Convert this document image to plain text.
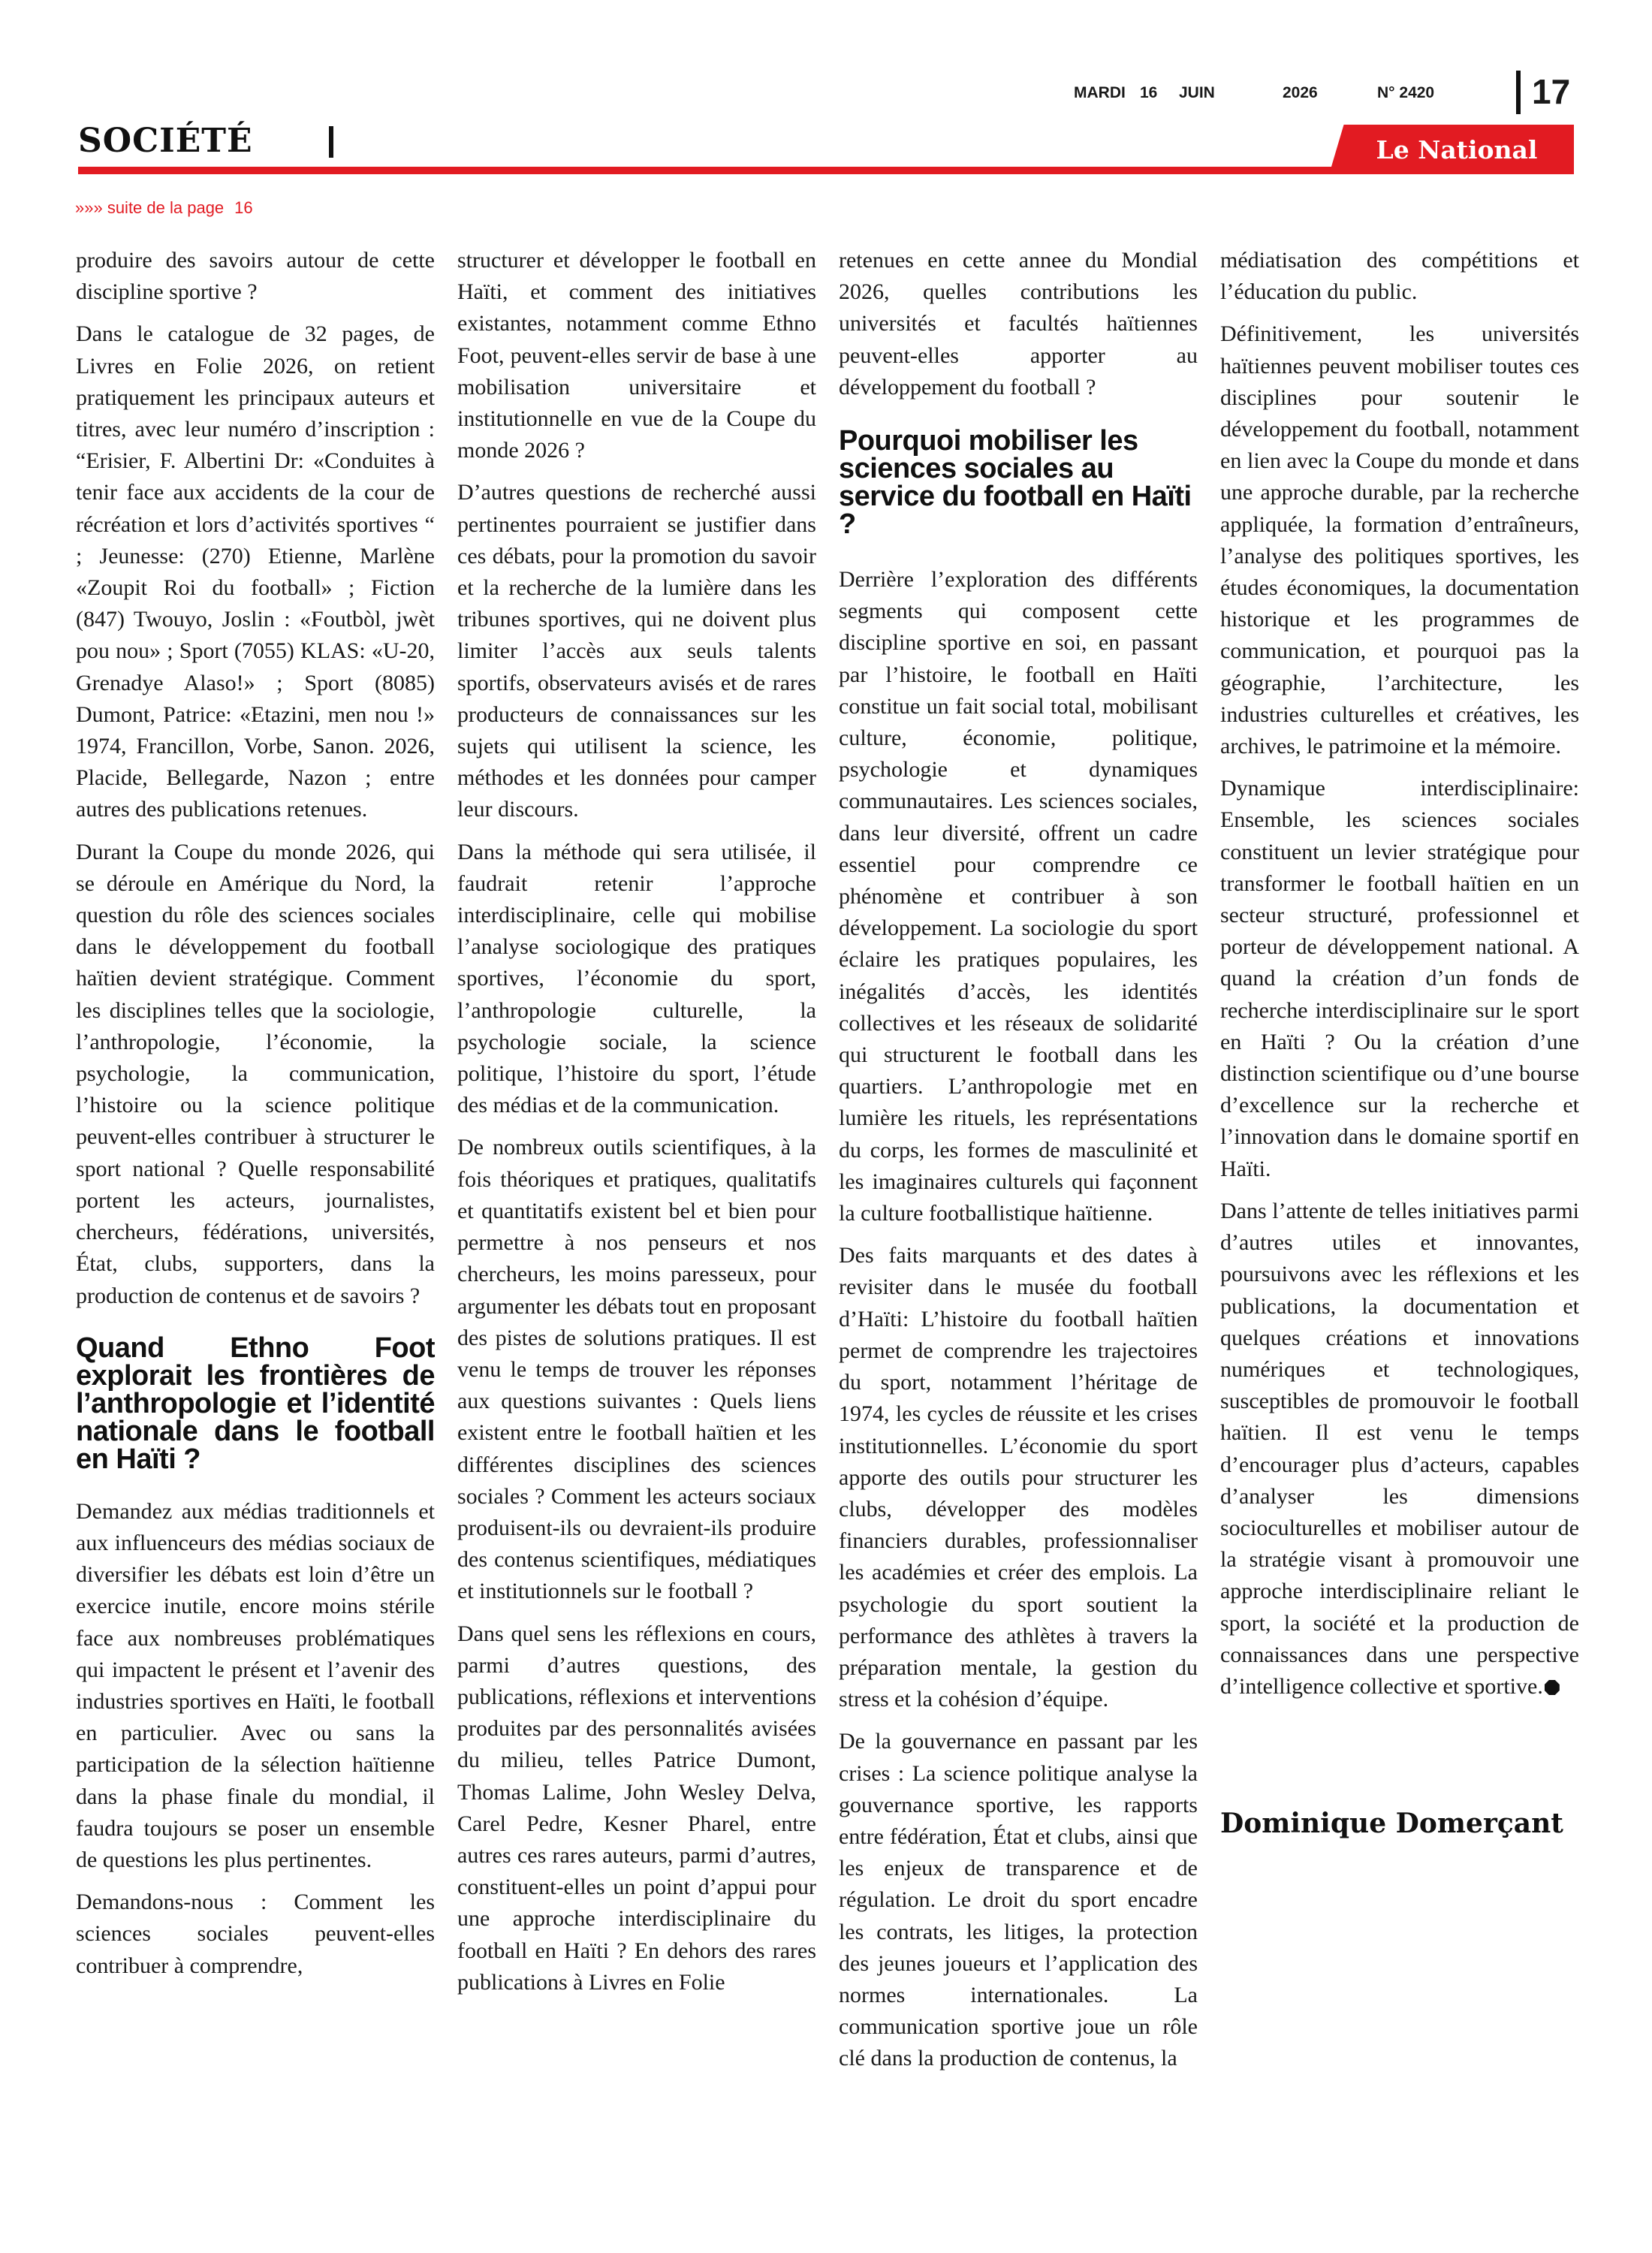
MARDI 16 JUIN	2026	N° 2420	17
SOCIÉTÉ	Le National
»»» suite de la page 16

produire des savoirs autour de cette discipline sportive ?

Dans le catalogue de 32 pages, de Livres en Folie 2026, on retient pratiquement les principaux auteurs et titres, avec leur numéro d’inscription : “Erisier, F. Albertini Dr: «Conduites à tenir face aux accidents de la cour de récréation et lors d’activités sportives “ ; Jeunesse: (270) Etienne, Marlène «Zoupit Roi du football» ; Fiction (847) Twouyo, Joslin : «Foutbòl, jwèt pou nou» ; Sport (7055) KLAS: «U-20, Grenadye Alaso!» ; Sport (8085) Dumont, Patrice: «Etazini, men nou !» 1974, Francillon, Vorbe, Sanon. 2026, Placide, Bellegarde, Nazon ; entre autres des publications retenues.

Durant la Coupe du monde 2026, qui se déroule en Amérique du Nord, la question du rôle des sciences sociales dans le développement du football haïtien devient stratégique. Comment les disciplines telles que la sociologie, l’anthropologie, l’économie, la psychologie, la communication, l’histoire ou la science politique peuvent-elles contribuer à structurer le sport national ? Quelle responsabilité portent les acteurs, journalistes, chercheurs, fédérations, universités, État, clubs, supporters, dans la production de contenus et de savoirs ?

Quand Ethno Foot explorait les frontières de l’anthropologie et l’identité nationale dans le football en Haïti ?

Demandez aux médias traditionnels et aux influenceurs des médias sociaux de diversifier les débats est loin d’être un exercice inutile, encore moins stérile face aux nombreuses problématiques qui impactent le présent et l’avenir des industries sportives en Haïti, le football en particulier. Avec ou sans la participation de la sélection haïtienne dans la phase finale du mondial, il faudra toujours se poser un ensemble de questions les plus pertinentes.

Demandons-nous : Comment les sciences sociales peuvent-elles contribuer à comprendre,

structurer et développer le football en Haïti, et comment des initiatives existantes, notamment comme Ethno Foot, peuvent-elles servir de base à une mobilisation universitaire et institutionnelle en vue de la Coupe du monde 2026 ?

D’autres questions de recherché aussi pertinentes pourraient se justifier dans ces débats, pour la promotion du savoir et la recherche de la lumière dans les tribunes sportives, qui ne doivent plus limiter l’accès aux seuls talents sportifs, observateurs avisés et de rares producteurs de connaissances sur les sujets qui utilisent la science, les méthodes et les données pour camper leur discours.

Dans la méthode qui sera utilisée, il faudrait retenir l’approche interdisciplinaire, celle qui mobilise l’analyse sociologique des pratiques sportives, l’économie du sport, l’anthropologie culturelle, la psychologie sociale, la science politique, l’histoire du sport, l’étude des médias et de la communication.

De nombreux outils scientifiques, à la fois théoriques et pratiques, qualitatifs et quantitatifs existent bel et bien pour permettre à nos penseurs et nos chercheurs, les moins paresseux, pour argumenter les débats tout en proposant des pistes de solutions pratiques. Il est venu le temps de trouver les réponses aux questions suivantes : Quels liens existent entre le football haïtien et les différentes disciplines des sciences sociales ? Comment les acteurs sociaux produisent-ils ou devraient-ils produire des contenus scientifiques, médiatiques et institutionnels sur le football ?

Dans quel sens les réflexions en cours, parmi d’autres questions, des publications, réflexions et interventions produites par des personnalités avisées du milieu, telles Patrice Dumont, Thomas Lalime, John Wesley Delva, Carel Pedre, Kesner Pharel, entre autres ces rares auteurs, parmi d’autres, constituent-elles un point d’appui pour une approche interdisciplinaire du football en Haïti ? En dehors des rares publications à Livres en Folie

retenues en cette annee du Mondial 2026, quelles contributions les universités et facultés haïtiennes peuvent-elles apporter au développement du football ?

Pourquoi mobiliser les sciences sociales au service du football en Haïti ?

Derrière l’exploration des différents segments qui composent cette discipline sportive en soi, en passant par l’histoire, le football en Haïti constitue un fait social total, mobilisant culture, économie, politique, psychologie et dynamiques communautaires. Les sciences sociales, dans leur diversité, offrent un cadre essentiel pour comprendre ce phénomène et contribuer à son développement. La sociologie du sport éclaire les pratiques populaires, les inégalités d’accès, les identités collectives et les réseaux de solidarité qui structurent le football dans les quartiers. L’anthropologie met en lumière les rituels, les représentations du corps, les formes de masculinité et les imaginaires culturels qui façonnent la culture footballistique haïtienne.

Des faits marquants et des dates à revisiter dans le musée du football d’Haïti: L’histoire du football haïtien permet de comprendre les trajectoires du sport, notamment l’héritage de 1974, les cycles de réussite et les crises institutionnelles. L’économie du sport apporte des outils pour structurer les clubs, développer des modèles financiers durables, professionnaliser les académies et créer des emplois. La psychologie du sport soutient la performance des athlètes à travers la préparation mentale, la gestion du stress et la cohésion d’équipe.

De la gouvernance en passant par les crises : La science politique analyse la gouvernance sportive, les rapports entre fédération, État et clubs, ainsi que les enjeux de transparence et de régulation. Le droit du sport encadre les contrats, les litiges, la protection des jeunes joueurs et l’application des normes internationales. La communication sportive joue un rôle clé dans la production de contenus, la

médiatisation des compétitions et l’éducation du public.

Définitivement, les universités haïtiennes peuvent mobiliser toutes ces disciplines pour soutenir le développement du football, notamment en lien avec la Coupe du monde et dans une approche durable, par la recherche appliquée, la formation d’entraîneurs, l’analyse des politiques sportives, les études économiques, la documentation historique et les programmes de communication, et pourquoi pas la géographie, l’architecture, les industries culturelles et créatives, les archives, le patrimoine et la mémoire.

Dynamique interdisciplinaire: Ensemble, les sciences sociales constituent un levier stratégique pour transformer le football haïtien en un secteur structuré, professionnel et porteur de développement national. A quand la création d’un fonds de recherche interdisciplinaire sur le sport en Haïti ? Ou la création d’une distinction scientifique ou d’une bourse d’excellence sur la recherche et l’innovation dans le domaine sportif en Haïti.

Dans l’attente de telles initiatives parmi d’autres utiles et innovantes, poursuivons avec les réflexions et les publications, la documentation et quelques créations et innovations numériques et technologiques, susceptibles de promouvoir le football haïtien. Il est venu le temps d’encourager plus d’acteurs, capables d’analyser les dimensions socioculturelles et mobiliser autour de la stratégie visant à promouvoir une approche interdisciplinaire reliant le sport, la société et la production de connaissances dans une perspective d’intelligence collective et sportive.

Dominique Domerçant
